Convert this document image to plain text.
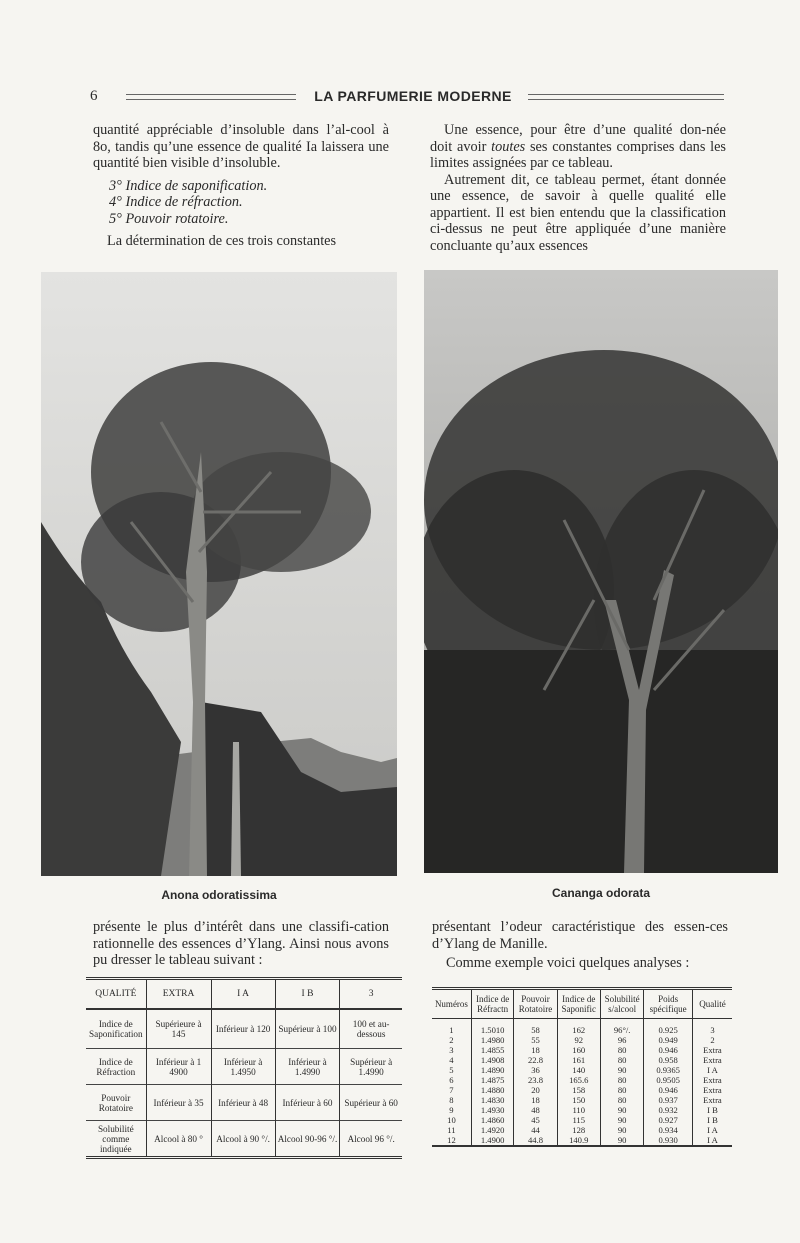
6	LA PARFUMERIE MODERNE

quantité appréciable d’insoluble dans l’al-cool à 8o, tandis qu’une essence de qualité Ia laissera une quantité bien visible d’insoluble.

3° Indice de saponification.
4° Indice de réfraction.
5° Pouvoir rotatoire.

La détermination de ces trois constantes

Une essence, pour être d’une qualité don-née doit avoir toutes ses constantes comprises dans les limites assignées par ce tableau.

Autrement dit, ce tableau permet, étant donnée une essence, de savoir à quelle qualité elle appartient. Il est bien entendu que la classification ci-dessus ne peut être appliquée d’une manière concluante qu’aux essences

Anona odoratissima	Cananga odorata

présente le plus d’intérêt dans une classifi-cation rationnelle des essences d’Ylang. Ainsi nous avons pu dresser le tableau suivant :

présentant l’odeur caractéristique des essen-ces d’Ylang de Manille.

Comme exemple voici quelques analyses :

QUALITÉ	EXTRA	I A	I B	3
Indice de Saponification	Supérieure à 145	Inférieur à 120	Supérieur à 100	100 et au-dessous
Indice de Réfraction	Inférieur à 1 4900	Inférieur à 1.4950	Inférieur à 1.4990	Supérieur à 1.4990
Pouvoir Rotatoire	Inférieur à 35	Inférieur à 48	Inférieur à 60	Supérieur à 60
Solubilité comme indiquée	Alcool à 80 °	Alcool à 90 °/.	Alcool 90-96 °/.	Alcool 96 °/.
Numéros	Indice de Réfractn	Pouvoir Rotatoire	Indice de Saponific	Solubilité s/alcool	Poids spécifique	Qualité
1	1.5010	58	162	96°/.	0.925	3
2	1.4980	55	92	96	0.949	2
3	1.4855	18	160	80	0.946	Extra
4	1.4908	22.8	161	80	0.958	Extra
5	1.4890	36	140	90	0.9365	I A
6	1.4875	23.8	165.6	80	0.9505	Extra
7	1.4880	20	158	80	0.946	Extra
8	1.4830	18	150	80	0.937	Extra
9	1.4930	48	110	90	0.932	I B
10	1.4860	45	115	90	0.927	I B
11	1.4920	44	128	90	0.934	I A
12	1.4900	44.8	140.9	90	0.930	I A
